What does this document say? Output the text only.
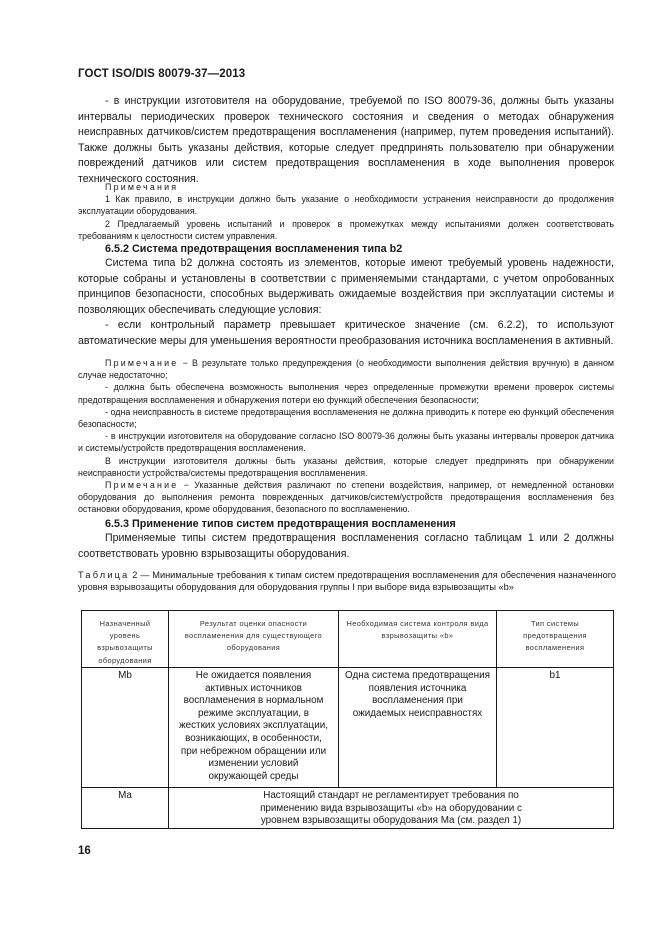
ГОСТ ISO/DIS 80079-37—2013

- в инструкции изготовителя на оборудование, требуемой по ISO 80079-36, должны быть указаны интервалы периодических проверок технического состояния и сведения о методах обнаружения неисправных датчиков/систем предотвращения воспламенения (например, путем проведения испытаний). Также должны быть указаны действия, которые следует предпринять пользователю при обнаружении повреждений датчиков или систем предотвращения воспламенения в ходе выполнения проверок технического состояния.

Примечания

1 Как правило, в инструкции должно быть указание о необходимости устранения неисправности до продолжения эксплуатации оборудования.

2 Предлагаемый уровень испытаний и проверок в промежутках между испытаниями должен соответствовать требованиям к целостности систем управления.

6.5.2 Система предотвращения воспламенения типа b2

Система типа b2 должна состоять из элементов, которые имеют требуемый уровень надежности, которые собраны и установлены в соответствии с применяемыми стандартами, с учетом опробованных принципов безопасности, способных выдерживать ожидаемые воздействия при эксплуатации системы и позволяющих обеспечивать следующие условия:

- если контрольный параметр превышает критическое значение (см. 6.2.2), то используют автоматические меры для уменьшения вероятности преобразования источника воспламенения в активный.

Примечание − В результате только предупреждения (о необходимости выполнения действия вручную) в данном случае недостаточно;

- должна быть обеспечена возможность выполнения через определенные промежутки времени проверок системы предотвращения воспламенения и обнаружения потери ею функций обеспечения безопасности;

- одна неисправность в системе предотвращения воспламенения не должна приводить к потере ею функций обеспечения безопасности;

- в инструкции изготовителя на оборудование согласно ISO 80079-36 должны быть указаны интервалы проверок датчика и системы/устройств предотвращения воспламенения.

В инструкции изготовителя должны быть указаны действия, которые следует предпринять при обнаружении неисправности устройства/системы предотвращения воспламенения.

Примечание − Указанные действия различают по степени воздействия, например, от немедленной остановки оборудования до выполнения ремонта поврежденных датчиков/систем/устройств предотвращения воспламенения без остановки оборудования, кроме оборудования, безопасного по воспламенению.

6.5.3 Применение типов систем предотвращения воспламенения

Применяемые типы систем предотвращения воспламенения согласно таблицам 1 или 2 должны соответствовать уровню взрывозащиты оборудования.

Таблица 2 — Минимальные требования к типам систем предотвращения воспламенения для обеспечения назначенного уровня взрывозащиты оборудования для оборудования группы I при выборе вида взрывозащиты «b»

Назначенный уровень взрывозащиты оборудования	Результат оценки опасности воспламенения для существующего оборудования	Необходимая система контроля вида взрывозащиты «b»	Тип системы предотвращения воспламенения
Mb	Не ожидается появления активных источников воспламенения в нормальном режиме эксплуатации, в жестких условиях эксплуатации, возникающих, в особенности, при небрежном обращении или изменении условий окружающей среды	Одна система предотвращения появления источника воспламенения при ожидаемых неисправностях	b1
Ma	Настоящий стандарт не регламентирует требования по применению вида взрывозащиты «b» на оборудовании с уровнем взрывозащиты оборудования Ма (см. раздел 1)		
16
